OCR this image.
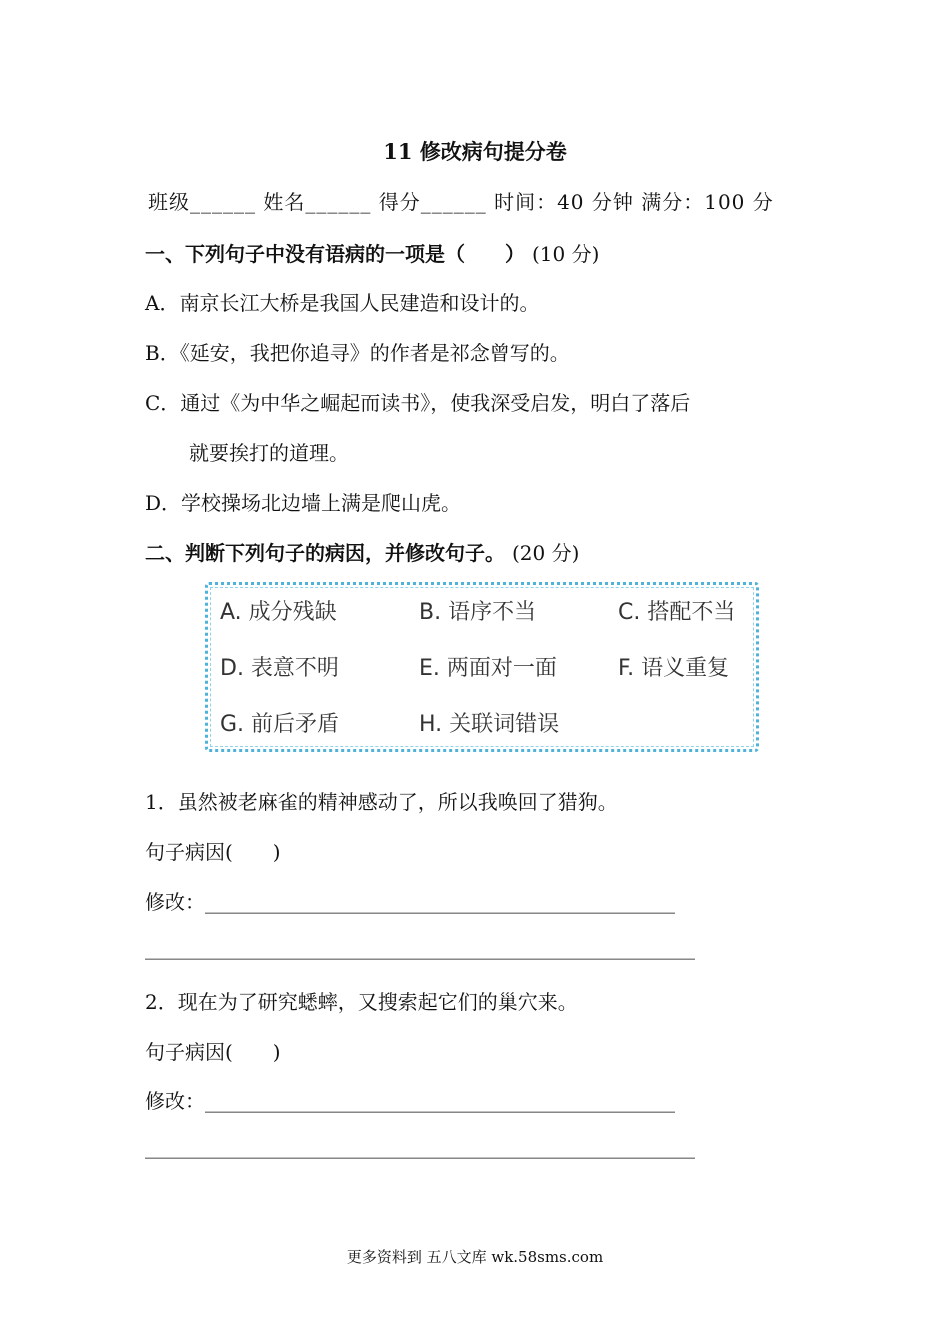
11 修改病句提分卷
班级______ 姓名______ 得分______ 时间：40 分钟 满分：100 分
一、下列句子中没有语病的一项是（　　） (10 分)
A．南京长江大桥是我国人民建造和设计的。
B．《延安，我把你追寻》的作者是祁念曾写的。
C．通过《为中华之崛起而读书》，使我深受启发，明白了落后
就要挨打的道理。
D．学校操场北边墙上满是爬山虎。
二、判断下列句子的病因，并修改句子。 (20 分)
A. 成分残缺	B. 语序不当	C. 搭配不当
D. 表意不明	E. 两面对一面	F. 语义重复
G. 前后矛盾	H. 关联词错误
1．虽然被老麻雀的精神感动了，所以我唤回了猎狗。
句子病因(　　)
修改：_______________________________________________
_______________________________________________________
2．现在为了研究蟋蟀，又搜索起它们的巢穴来。
句子病因(　　)
修改：_______________________________________________
_______________________________________________________
更多资料到 五八文库 wk.58sms.com
